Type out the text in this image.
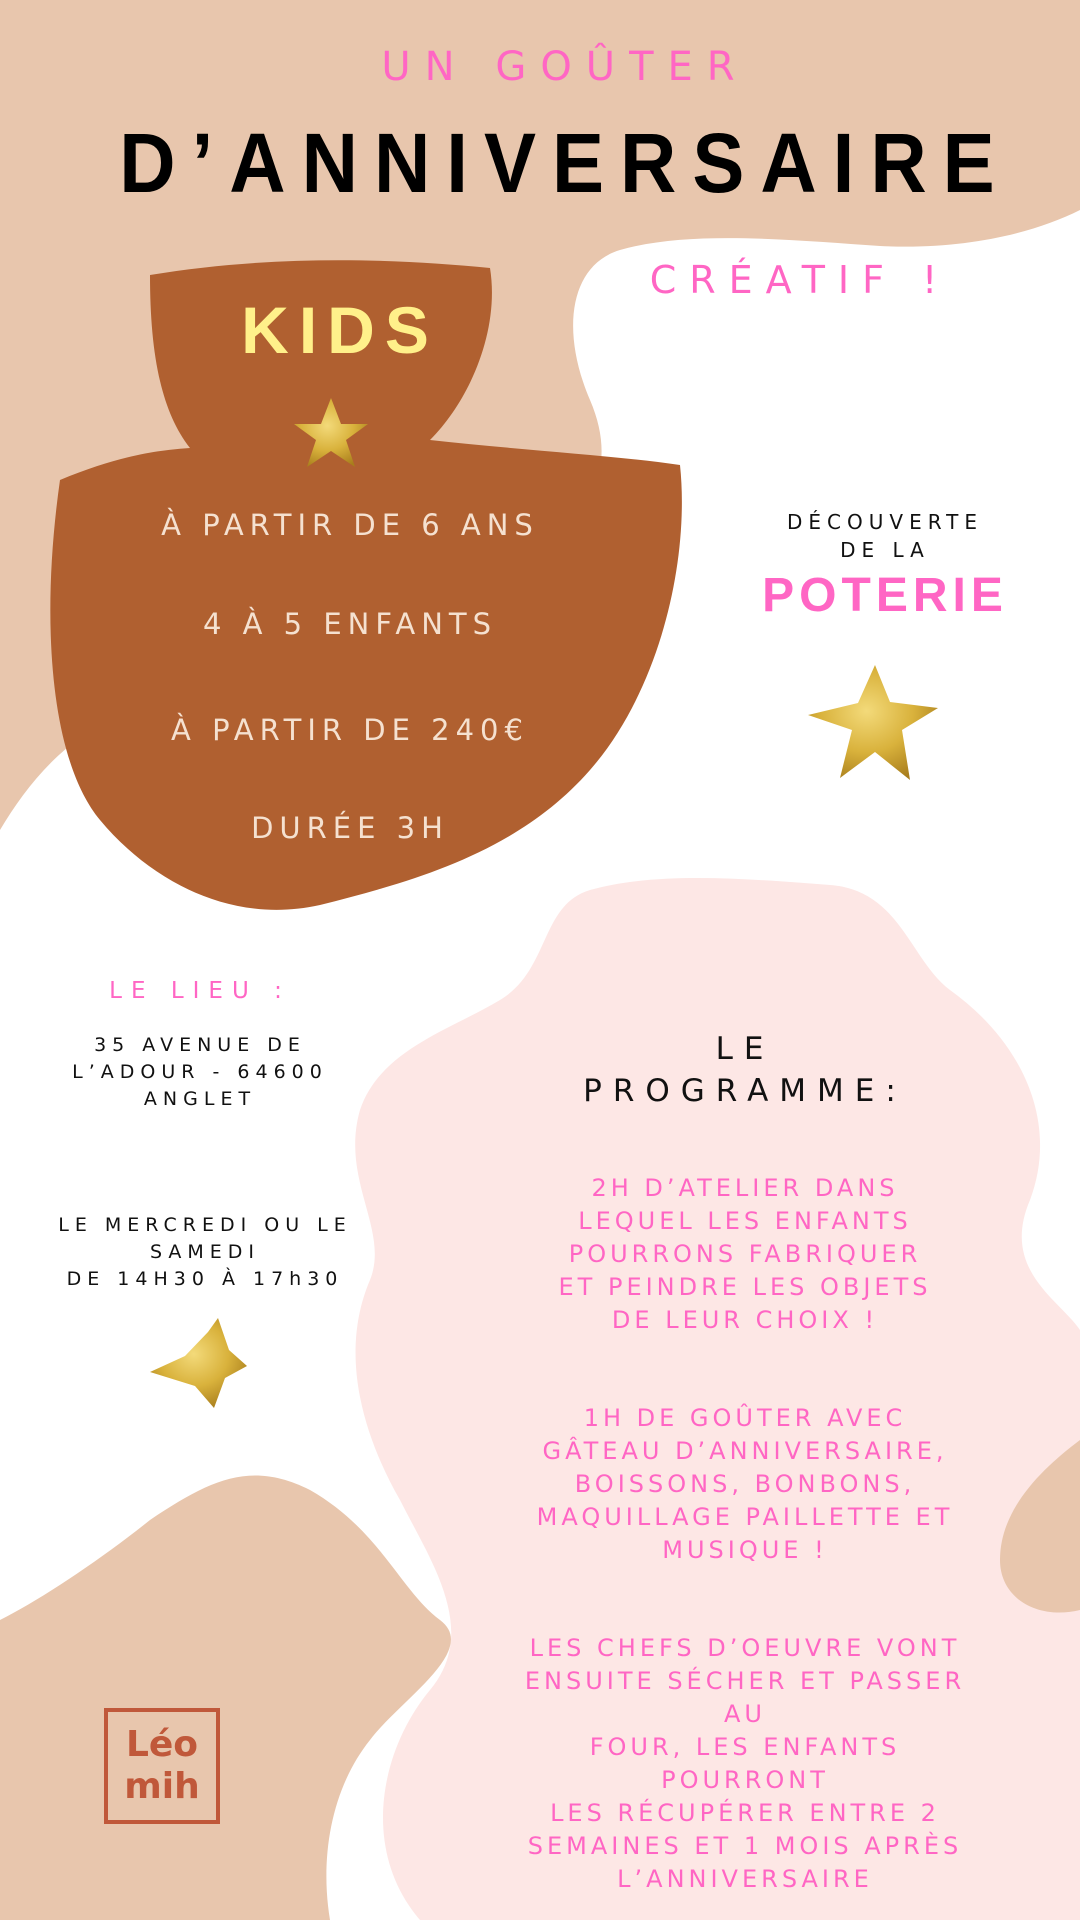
UN GOÛTER
D’ANNIVERSAIRE
CRÉATIF !
KIDS
À PARTIR DE 6 ANS
4 À 5 ENFANTS
À PARTIR DE 240€
DURÉE 3H
DÉCOUVERTE
DE LA
POTERIE
LE LIEU :
35 AVENUE DE
L’ADOUR - 64600
ANGLET
LE MERCREDI OU LE
SAMEDI
DE 14H30 À 17h30
LE
PROGRAMME:
2H D’ATELIER DANS
LEQUEL LES ENFANTS
POURRONS FABRIQUER
ET PEINDRE LES OBJETS
DE LEUR CHOIX !
1H DE GOÛTER AVEC
GÂTEAU D’ANNIVERSAIRE,
BOISSONS, BONBONS,
MAQUILLAGE PAILLETTE ET
MUSIQUE !
LES CHEFS D’OEUVRE VONT
ENSUITE SÉCHER ET PASSER AU
FOUR, LES ENFANTS POURRONT
LES RÉCUPÉRER ENTRE 2
SEMAINES ET 1 MOIS APRÈS
L’ANNIVERSAIRE
Léo
mih
